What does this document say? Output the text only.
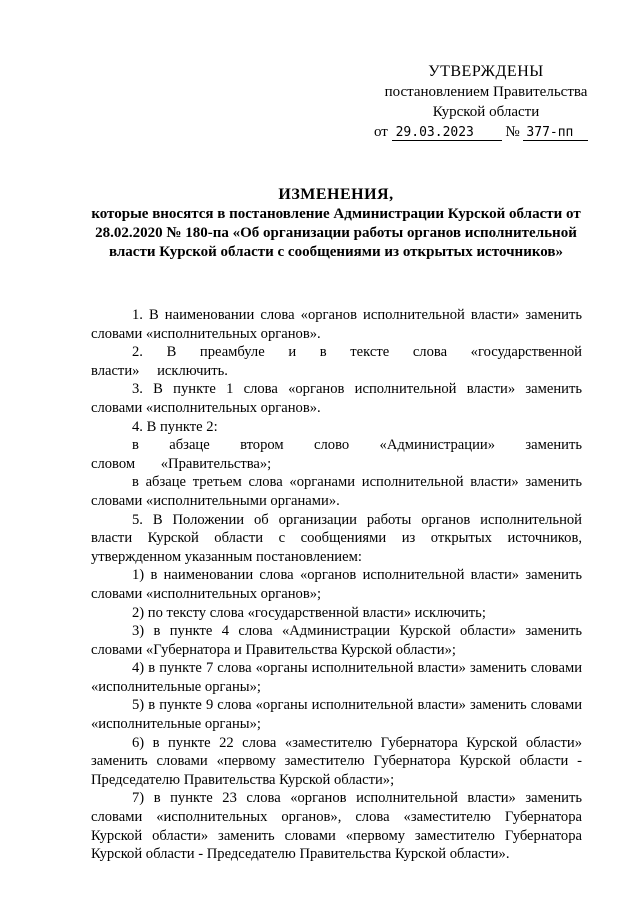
УТВЕРЖДЕНЫ
постановлением Правительства
Курской области
от 29.03.2023 № 377-пп
ИЗМЕНЕНИЯ,
которые вносятся в постановление Администрации Курской области от 28.02.2020 № 180-па «Об организации работы органов исполнительной власти Курской области с сообщениями из открытых источников»

1. В наименовании слова «органов исполнительной власти» заменить словами «исполнительных органов».

2. В преамбуле и в тексте слова «государственной власти» исключить.

3. В пункте 1 слова «органов исполнительной власти» заменить словами «исполнительных органов».

4. В пункте 2:

в абзаце втором слово «Администрации» заменить словом «Правительства»;

в абзаце третьем слова «органами исполнительной власти» заменить словами «исполнительными органами».

5. В Положении об организации работы органов исполнительной власти Курской области с сообщениями из открытых источников, утвержденном указанным постановлением:

1) в наименовании слова «органов исполнительной власти» заменить словами «исполнительных органов»;

2) по тексту слова «государственной власти» исключить;

3) в пункте 4 слова «Администрации Курской области» заменить словами «Губернатора и Правительства Курской области»;

4) в пункте 7 слова «органы исполнительной власти» заменить словами «исполнительные органы»;

5) в пункте 9 слова «органы исполнительной власти» заменить словами «исполнительные органы»;

6) в пункте 22 слова «заместителю Губернатора Курской области» заменить словами «первому заместителю Губернатора Курской области - Председателю Правительства Курской области»;

7) в пункте 23 слова «органов исполнительной власти» заменить словами «исполнительных органов», слова «заместителю Губернатора Курской области» заменить словами «первому заместителю Губернатора Курской области - Председателю Правительства Курской области».
